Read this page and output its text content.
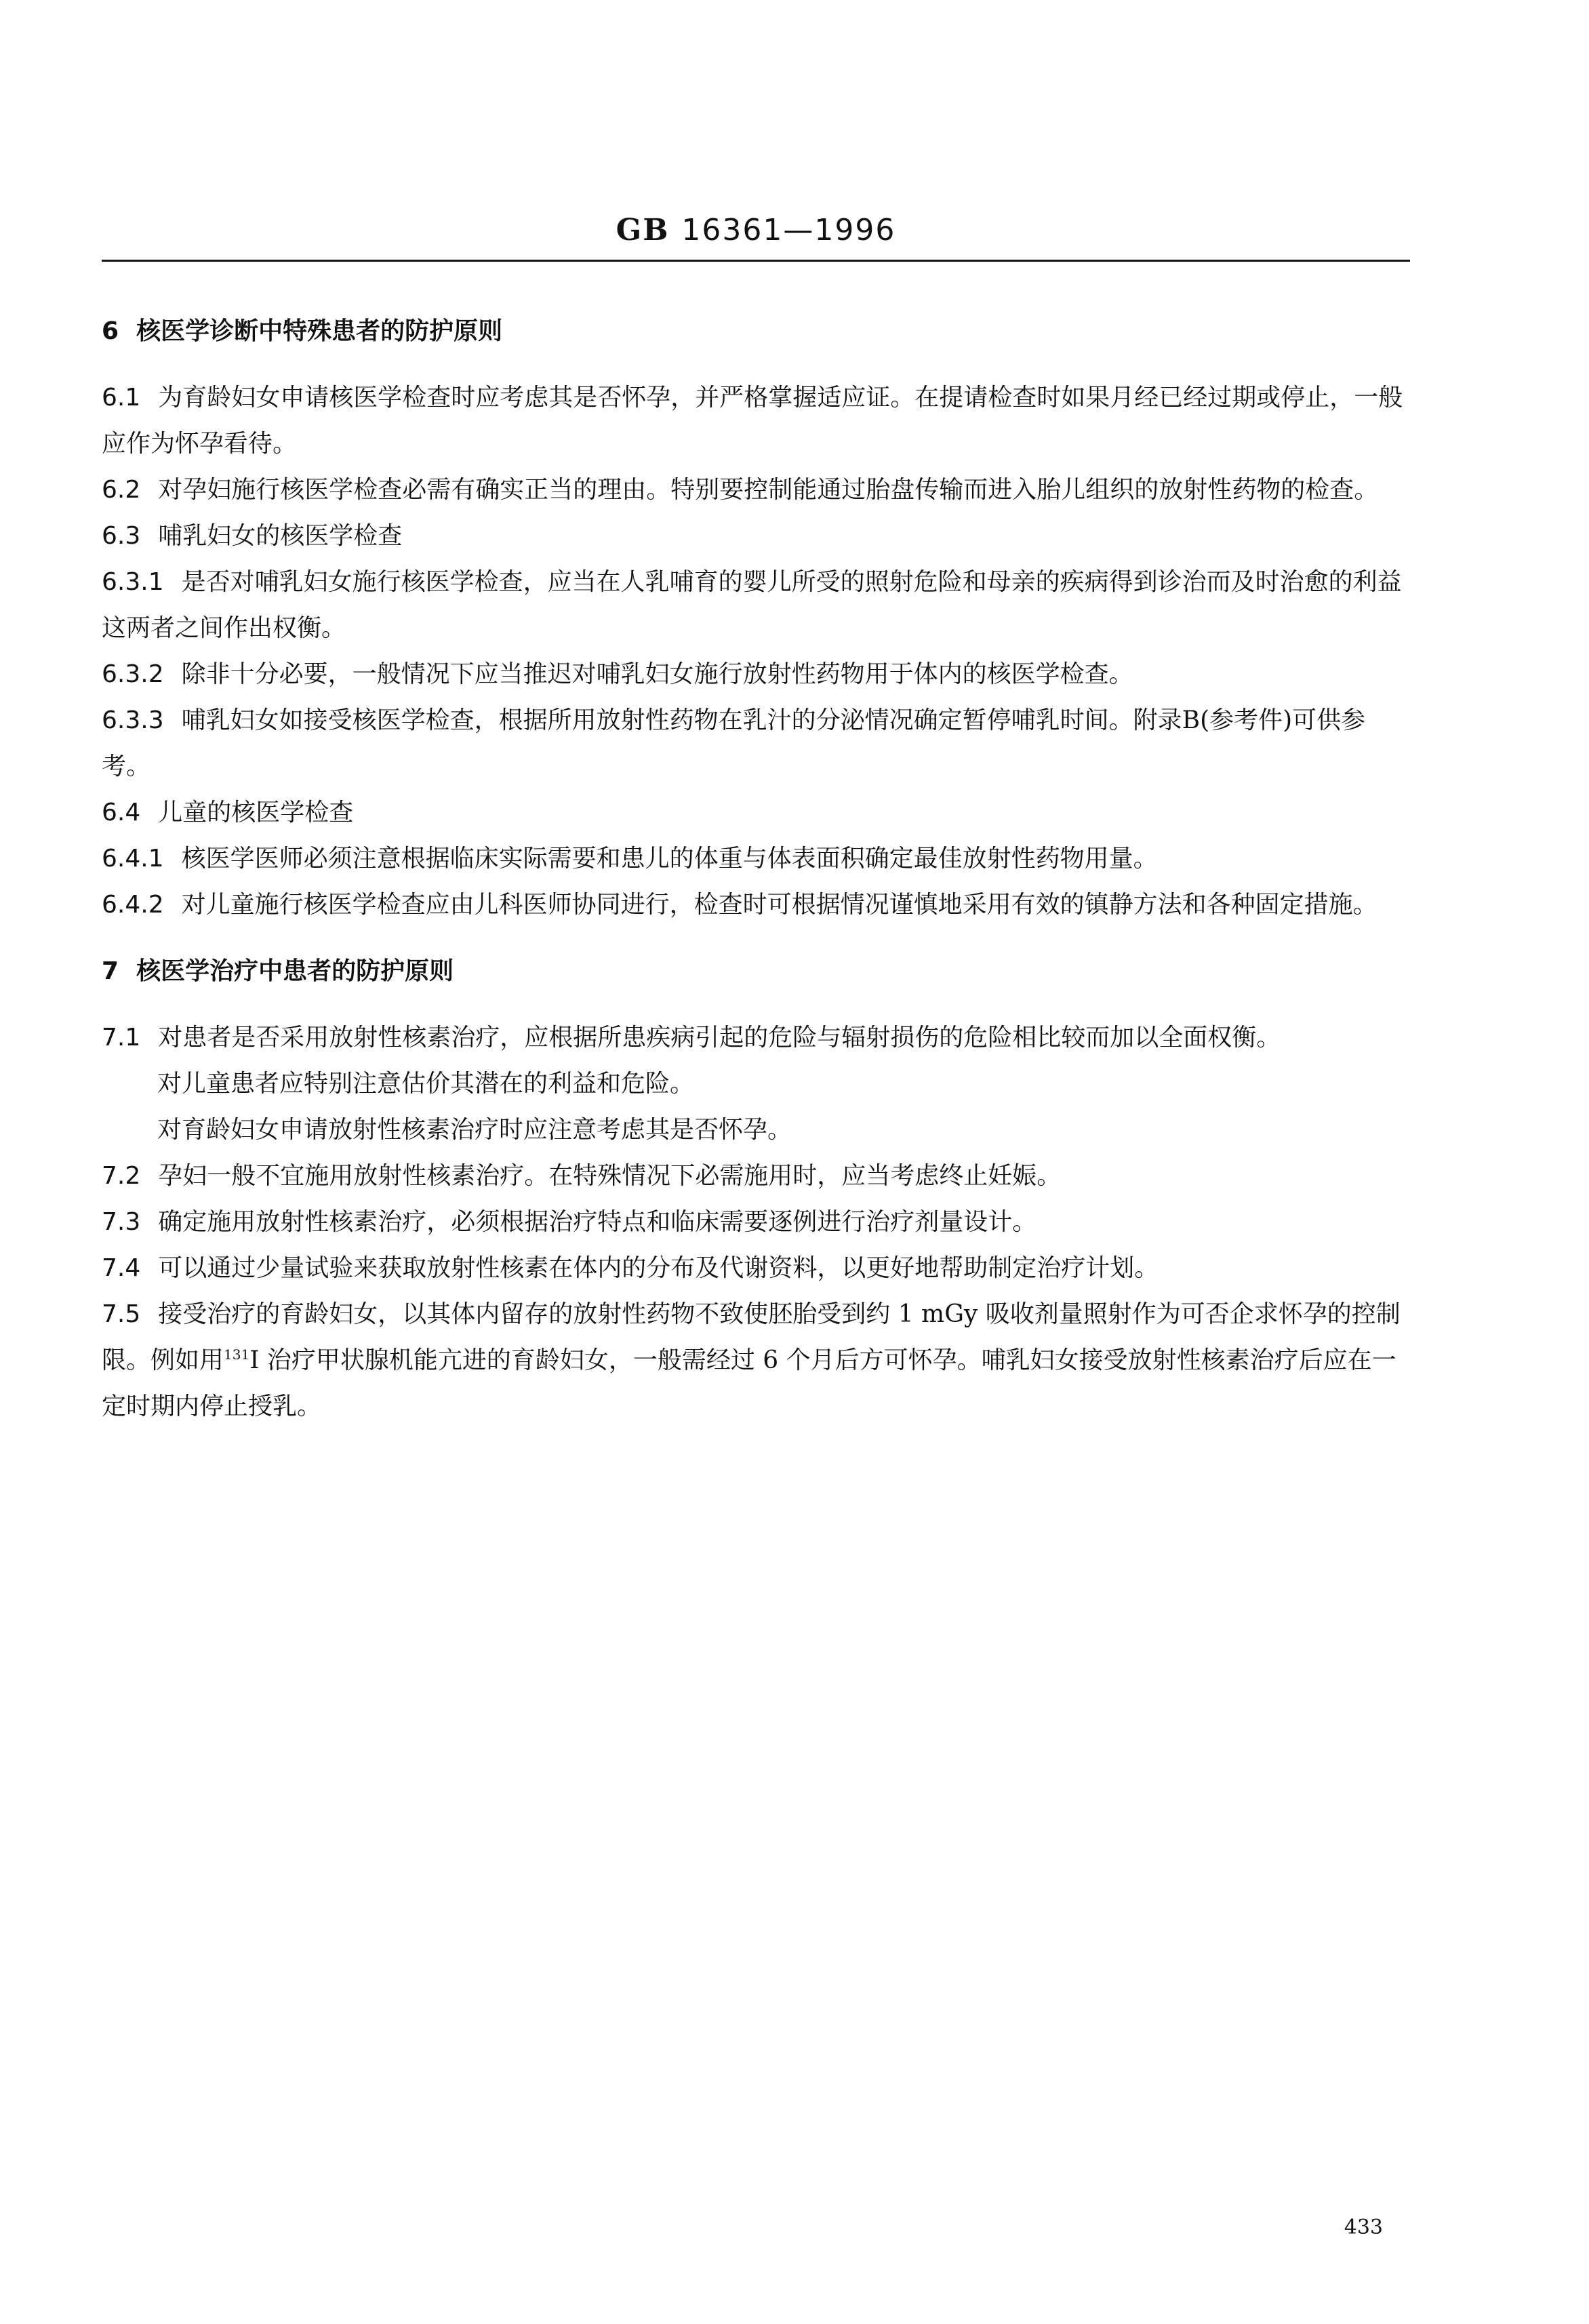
GB 16361—1996
6 核医学诊断中特殊患者的防护原则

6.1 为育龄妇女申请核医学检查时应考虑其是否怀孕，并严格掌握适应证。在提请检查时如果月经已经过期或停止，一般应作为怀孕看待。

6.2 对孕妇施行核医学检查必需有确实正当的理由。特别要控制能通过胎盘传输而进入胎儿组织的放射性药物的检查。

6.3 哺乳妇女的核医学检查

6.3.1 是否对哺乳妇女施行核医学检查，应当在人乳哺育的婴儿所受的照射危险和母亲的疾病得到诊治而及时治愈的利益这两者之间作出权衡。

6.3.2 除非十分必要，一般情况下应当推迟对哺乳妇女施行放射性药物用于体内的核医学检查。

6.3.3 哺乳妇女如接受核医学检查，根据所用放射性药物在乳汁的分泌情况确定暂停哺乳时间。附录B(参考件)可供参考。

6.4 儿童的核医学检查

6.4.1 核医学医师必须注意根据临床实际需要和患儿的体重与体表面积确定最佳放射性药物用量。

6.4.2 对儿童施行核医学检查应由儿科医师协同进行，检查时可根据情况谨慎地采用有效的镇静方法和各种固定措施。

7 核医学治疗中患者的防护原则

7.1 对患者是否采用放射性核素治疗，应根据所患疾病引起的危险与辐射损伤的危险相比较而加以全面权衡。

对儿童患者应特别注意估价其潜在的利益和危险。

对育龄妇女申请放射性核素治疗时应注意考虑其是否怀孕。

7.2 孕妇一般不宜施用放射性核素治疗。在特殊情况下必需施用时，应当考虑终止妊娠。

7.3 确定施用放射性核素治疗，必须根据治疗特点和临床需要逐例进行治疗剂量设计。

7.4 可以通过少量试验来获取放射性核素在体内的分布及代谢资料，以更好地帮助制定治疗计划。

7.5 接受治疗的育龄妇女，以其体内留存的放射性药物不致使胚胎受到约 1 mGy 吸收剂量照射作为可否企求怀孕的控制限。例如用$^{131}$I 治疗甲状腺机能亢进的育龄妇女，一般需经过 6 个月后方可怀孕。哺乳妇女接受放射性核素治疗后应在一定时期内停止授乳。

433
